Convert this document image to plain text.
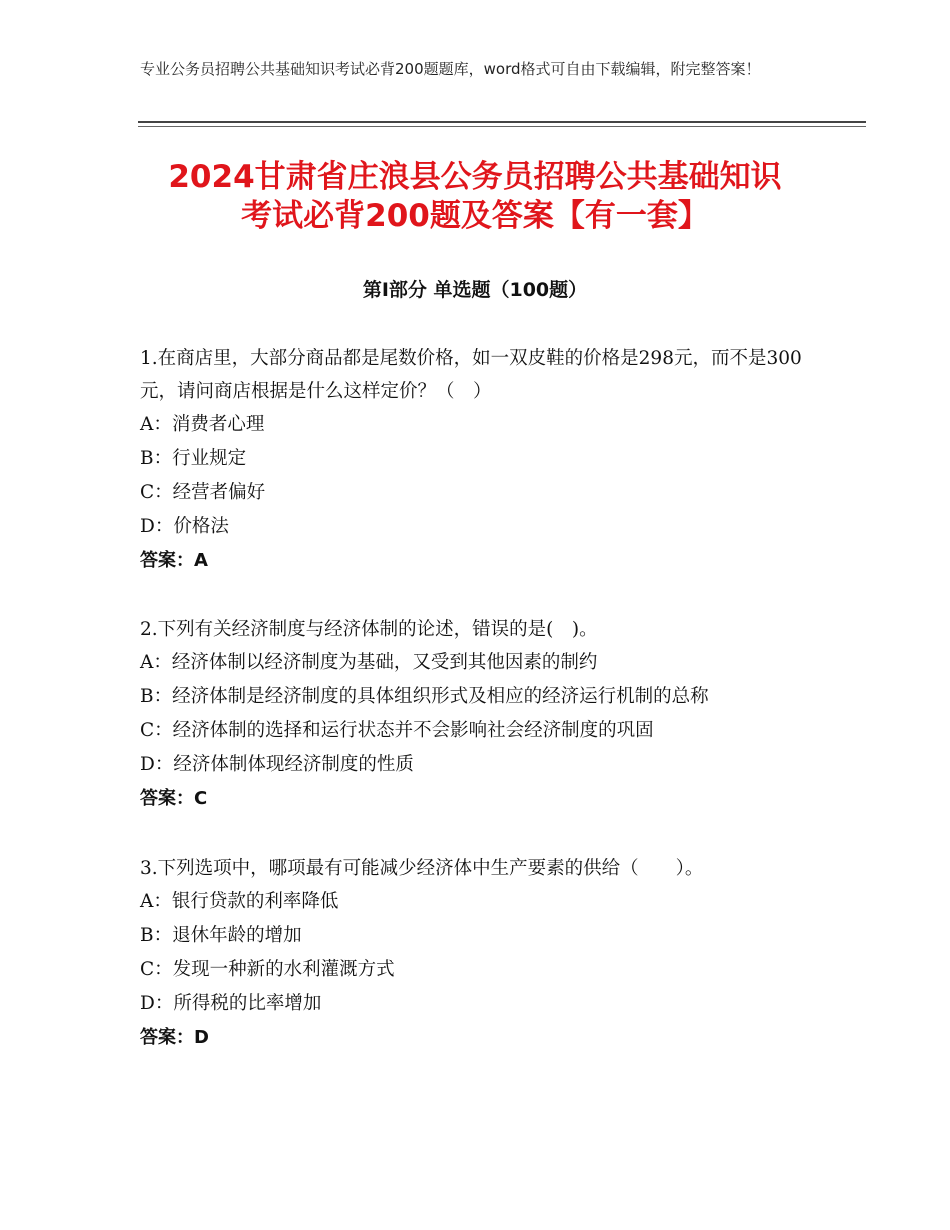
专业公务员招聘公共基础知识考试必背200题题库，word格式可自由下载编辑，附完整答案！
2024甘肃省庄浪县公务员招聘公共基础知识
考试必背200题及答案【有一套】
第Ⅰ部分 单选题（100题）

1.在商店里，大部分商品都是尾数价格，如一双皮鞋的价格是298元，而不是300元，请问商店根据是什么这样定价？（　）

A：消费者心理

B：行业规定

C：经营者偏好

D：价格法

答案：A

2.下列有关经济制度与经济体制的论述，错误的是(　)。

A：经济体制以经济制度为基础，又受到其他因素的制约

B：经济体制是经济制度的具体组织形式及相应的经济运行机制的总称

C：经济体制的选择和运行状态并不会影响社会经济制度的巩固

D：经济体制体现经济制度的性质

答案：C

3.下列选项中，哪项最有可能减少经济体中生产要素的供给（　　）。

A：银行贷款的利率降低

B：退休年龄的增加

C：发现一种新的水利灌溉方式

D：所得税的比率增加

答案：D
